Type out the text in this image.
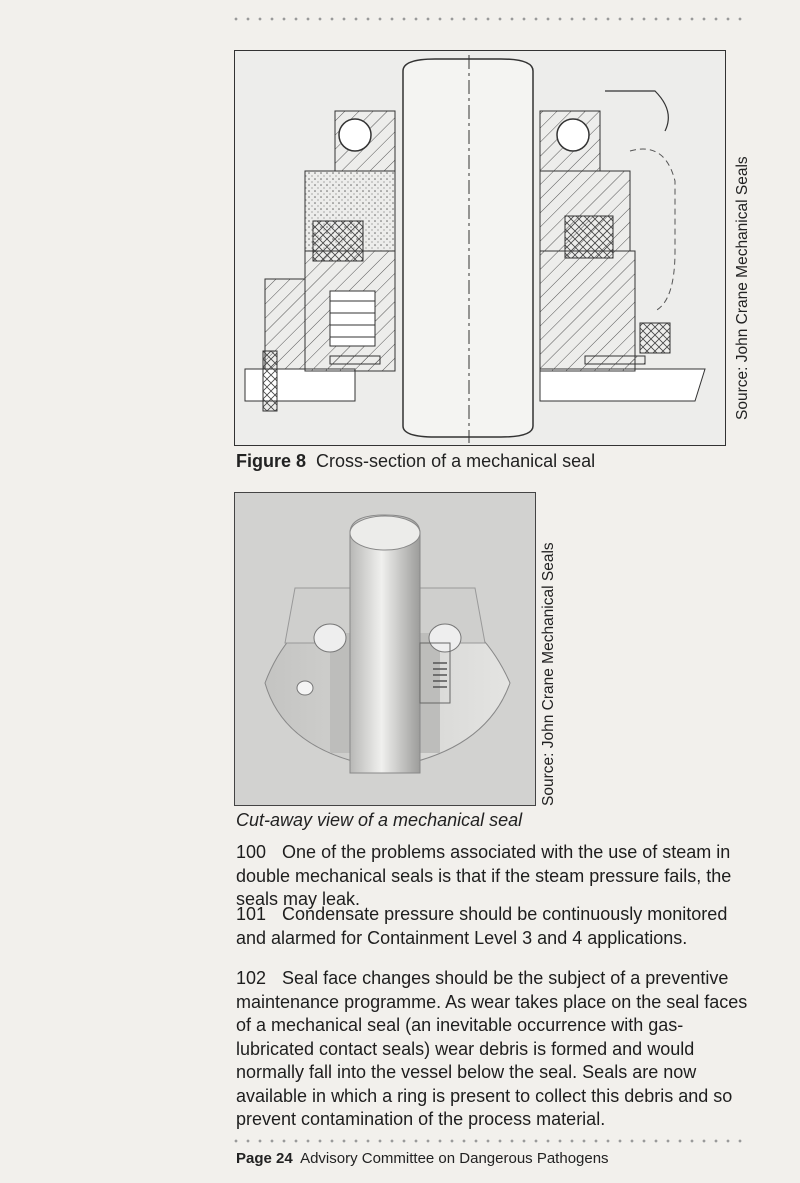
Source: John Crane Mechanical Seals
Figure 8 Cross-section of a mechanical seal
Source: John Crane Mechanical Seals
Cut-away view of a mechanical seal

100 One of the problems associated with the use of steam in double mechanical seals is that if the steam pressure fails, the seals may leak.

101 Condensate pressure should be continuously monitored and alarmed for Containment Level 3 and 4 applications.

102 Seal face changes should be the subject of a preventive maintenance programme. As wear takes place on the seal faces of a mechanical seal (an inevitable occurrence with gas-lubricated contact seals) wear debris is formed and would normally fall into the vessel below the seal. Seals are now available in which a ring is present to collect this debris and so prevent contamination of the process material.

Page 24 Advisory Committee on Dangerous Pathogens
